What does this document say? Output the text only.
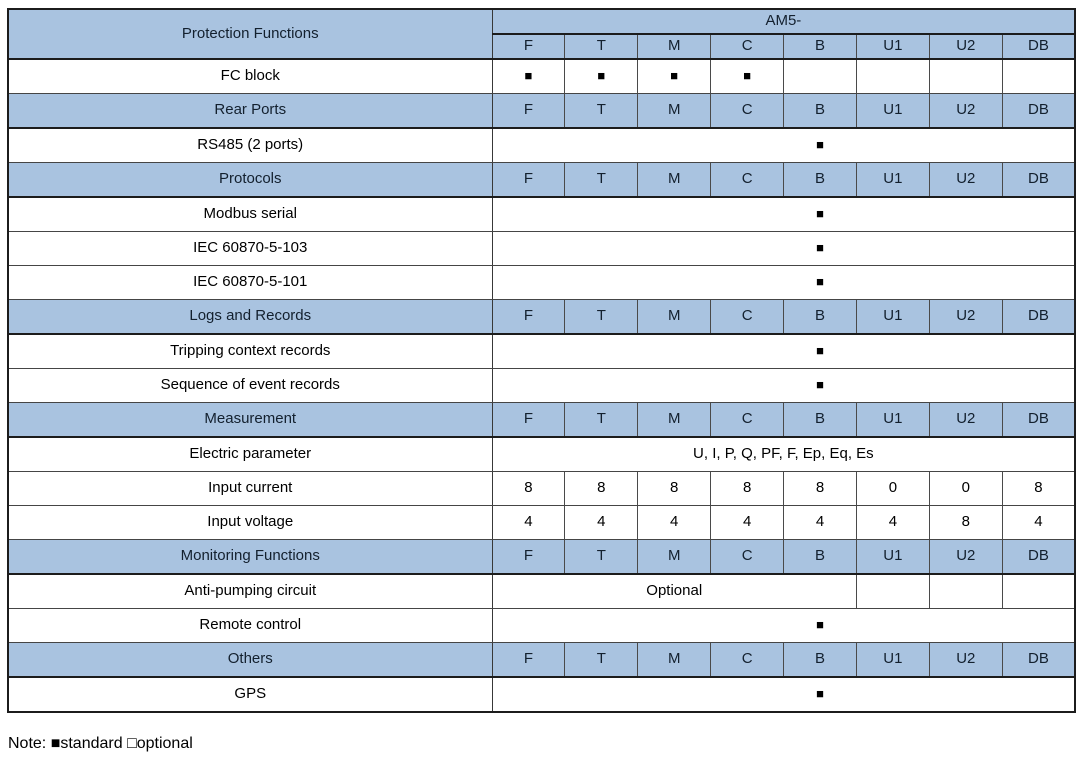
Protection Functions	AM5-							
	F	T	M	C	B	U1	U2	DB
FC block	■	■	■	■				
Rear Ports	F	T	M	C	B	U1	U2	DB
RS485 (2 ports)					■			
Protocols	F	T	M	C	B	U1	U2	DB
Modbus serial					■			
IEC 60870-5-103					■			
IEC 60870-5-101					■			
Logs and Records	F	T	M	C	B	U1	U2	DB
Tripping context records					■			
Sequence of event records					■			
Measurement	F	T	M	C	B	U1	U2	DB
Electric parameter	U, I, P, Q, PF, F, Ep, Eq, Es							
Input current	8	8	8	8	8	0	0	8
Input voltage	4	4	4	4	4	4	8	4
Monitoring Functions	F	T	M	C	B	U1	U2	DB
Anti-pumping circuit	Optional							
Remote control					■			
Others	F	T	M	C	B	U1	U2	DB
GPS					■			
Note: ■standard □optional
